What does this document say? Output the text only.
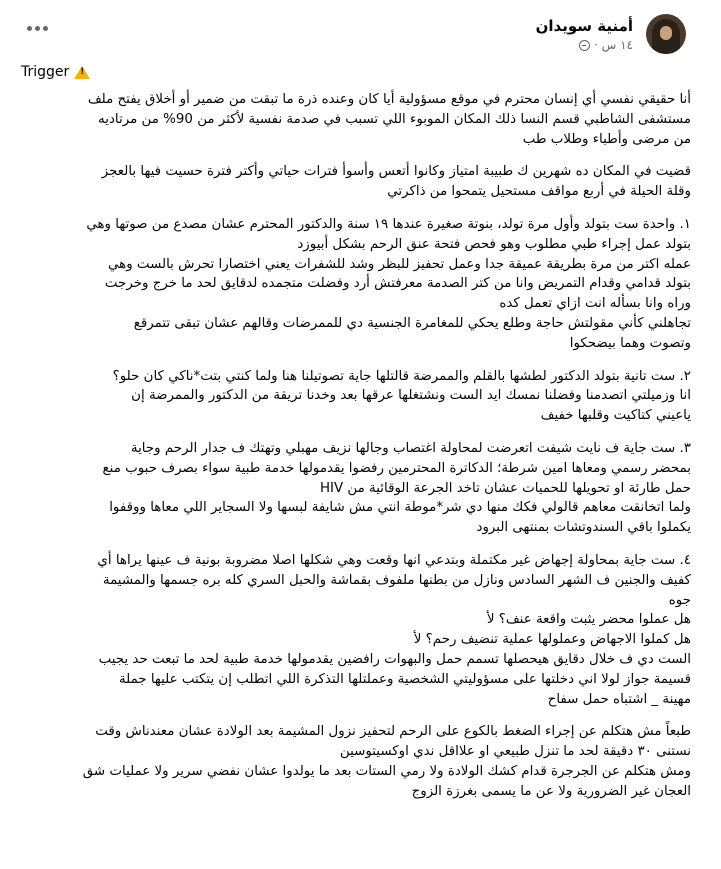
أمنية سويدان
١٤ س ·
Trigger
!

أنا حقيقي نفسي أي إنسان محترم في موقع مسؤولية أيا كان وعنده ذرة ما تبقت من ضمير أو أخلاق يفتح ملف
مستشفى الشاطبي قسم النسا ذلك المكان الموبوء اللي تسبب في صدمة نفسية لأكثر من 90% من مرتاديه
من مرضى وأطباء وطلاب طب

قضيت في المكان ده شهرين ك طبيبة امتياز وكانوا أتعس وأسوأ فترات حياتي وأكتر فترة حسيت فيها بالعجز
وقلة الحيلة في أربع مواقف مستحيل يتمحوا من ذاكرتي

١. واحدة ست بتولد وأول مرة تولد، بنوتة صغيرة عندها ١٩ سنة والدكتور المحترم عشان مصدع من صوتها وهي
بتولد عمل إجراء طبي مطلوب وهو فحص فتحة عنق الرحم بشكل أبيوزد
عمله اكتر من مرة بطريقة عميقة جدا وعمل تحفيز للبظر وشد للشفرات يعني اختصارا تحرش بالست وهي
بتولد قدامي وقدام التمريض وانا من كتر الصدمة معرفتش أرد وفضلت متجمده لدقايق لحد ما خرج وخرجت
وراه وانا بسأله انت ازاي تعمل كده
تجاهلني كأني مقولتش حاجة وطلع يحكي للمغامرة الجنسية دي للممرضات وقالهم عشان تبقى تتمرقع
وتصوت وهما بيضحكوا

٢. ست تانية بتولد الدكتور لطشها بالقلم والممرضة قالتلها جاية تصوتيلنا هنا ولما كنتي بتت*ناكي كان حلو؟
انا وزميلتي اتصدمنا وفضلنا نمسك ايد الست ونشتغلها عرقها بعد وخدنا تريقة من الدكتور والممرضة إن
ياعيني كتاكيت وقلبها خفيف

٣. ست جاية ف نايت شيفت اتعرضت لمحاولة اغتصاب وجالها نزيف مهبلي وتهتك ف جدار الرحم وجاية
بمحضر رسمي ومعاها امين شرطة؛ الدكاترة المحترمين رفضوا يقدمولها خدمة طبية سواء بصرف حبوب منع
حمل طارئة او تحويلها للحميات عشان تاخد الجرعة الوقائية من HIV
ولما اتخانقت معاهم قالولي فكك منها دي شر*موطة انتي مش شايفة لبسها ولا السجاير اللي معاها ووقفوا
يكملوا باقي السندوتشات بمنتهى البرود

٤. ست جاية بمحاولة إجهاض غير مكتملة وبتدعي انها وقعت وهي شكلها اصلا مضروبة بونية ف عينها يراها أي
كفيف والجنين ف الشهر السادس ونازل من بطنها ملفوف بقماشة والحبل السري كله بره جسمها والمشيمة
جوه
هل عملوا محضر يثبت واقعة عنف؟ لأ
هل كملوا الاجهاض وعملولها عملية تنضيف رحم؟ لأ
الست دي ف خلال دقايق هيحصلها تسمم حمل والبهوات رافضين يقدمولها خدمة طبية لحد ما تبعت حد يجيب
قسيمة جواز لولا اني دخلتها على مسؤوليتي الشخصية وعملتلها التذكرة اللي اتطلب إن يتكتب عليها جملة
مهينة _ اشتباه حمل سفاح

طبعاً مش هتكلم عن إجراء الضغط بالكوع على الرحم لتحفيز نزول المشيمة بعد الولادة عشان معندناش وقت
نستنى ٣٠ دقيقة لحد ما تنزل طبيعي او علااقل ندي اوكسيتوسين
ومش هتكلم عن الجرجرة قدام كشك الولادة ولا رمي الستات بعد ما يولدوا عشان نفضي سرير ولا عمليات شق
العجان غير الضرورية ولا عن ما يسمى بغرزة الزوج
